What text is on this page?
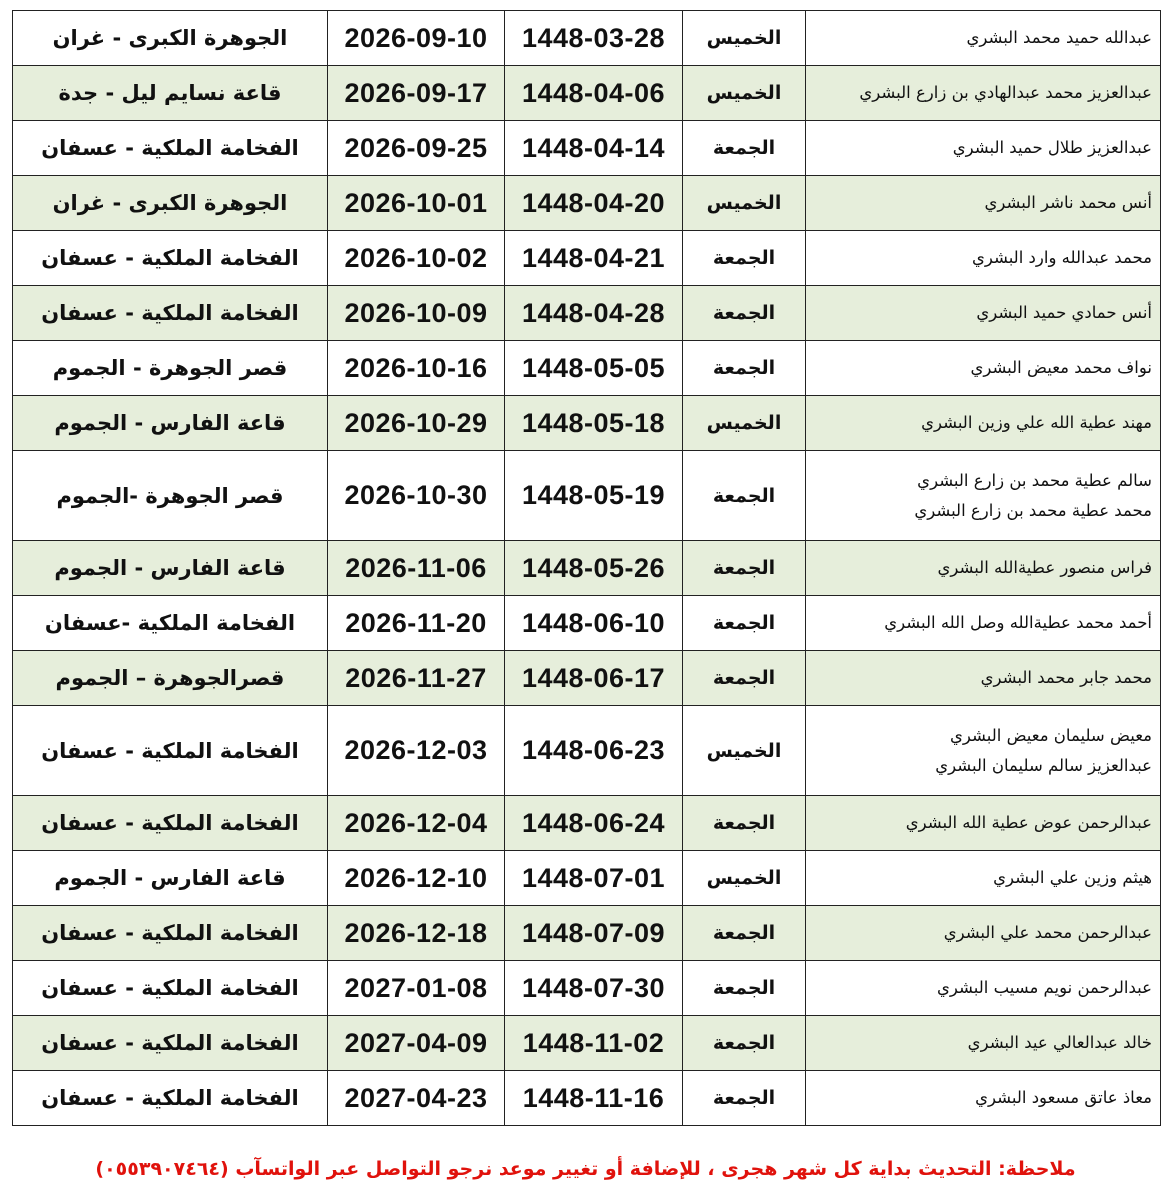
الجوهرة الكبرى - غران	2026-09-10	1448-03-28	الخميس	عبدالله حميد محمد البشري

قاعة نسايم ليل - جدة	2026-09-17	1448-04-06	الخميس	عبدالعزيز محمد عبدالهادي بن زارع البشري

الفخامة الملكية - عسفان	2026-09-25	1448-04-14	الجمعة	عبدالعزيز طلال حميد البشري

الجوهرة الكبرى - غران	2026-10-01	1448-04-20	الخميس	أنس محمد ناشر البشري

الفخامة الملكية - عسفان	2026-10-02	1448-04-21	الجمعة	محمد عبدالله وارد البشري

الفخامة الملكية - عسفان	2026-10-09	1448-04-28	الجمعة	أنس حمادي حميد البشري

قصر الجوهرة - الجموم	2026-10-16	1448-05-05	الجمعة	نواف محمد معيض البشري

قاعة الفارس - الجموم	2026-10-29	1448-05-18	الخميس	مهند عطية الله علي وزين البشري

قصر الجوهرة -الجموم	2026-10-30	1448-05-19	الجمعة	سالم عطية محمد بن زارع البشري
محمد عطية محمد بن زارع البشري

قاعة الفارس - الجموم	2026-11-06	1448-05-26	الجمعة	فراس منصور عطيةالله البشري

الفخامة الملكية -عسفان	2026-11-20	1448-06-10	الجمعة	أحمد محمد عطيةالله وصل الله البشري

قصرالجوهرة – الجموم	2026-11-27	1448-06-17	الجمعة	محمد جابر محمد البشري

الفخامة الملكية - عسفان	2026-12-03	1448-06-23	الخميس	معيض سليمان معيض البشري
عبدالعزيز سالم سليمان البشري

الفخامة الملكية - عسفان	2026-12-04	1448-06-24	الجمعة	عبدالرحمن عوض عطية الله البشري

قاعة الفارس - الجموم	2026-12-10	1448-07-01	الخميس	هيثم وزين علي البشري

الفخامة الملكية - عسفان	2026-12-18	1448-07-09	الجمعة	عبدالرحمن محمد علي البشري

الفخامة الملكية - عسفان	2027-01-08	1448-07-30	الجمعة	عبدالرحمن نويم مسيب البشري

الفخامة الملكية - عسفان	2027-04-09	1448-11-02	الجمعة	خالد عبدالعالي عيد البشري

الفخامة الملكية - عسفان	2027-04-23	1448-11-16	الجمعة	معاذ عاتق مسعود البشري
ملاحظة: التحديث بداية كل شهر هجرى ، للإضافة أو تغيير موعد نرجو التواصل عبر الواتسآب (٠٥٥٣٩٠٧٤٦٤)
